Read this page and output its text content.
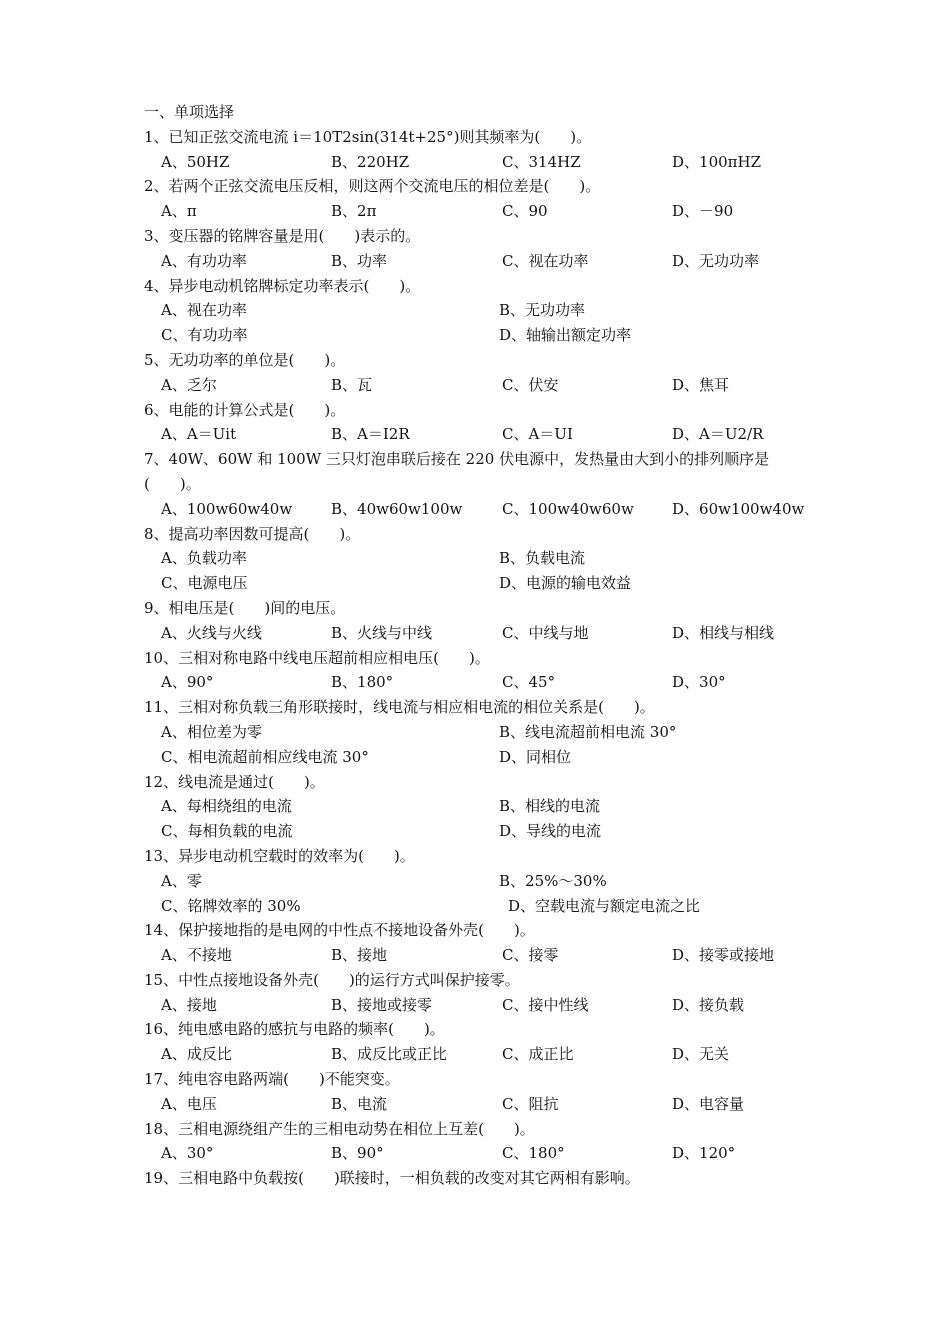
一、单项选择
1、已知正弦交流电流 i＝10T2sin(314t+25°)则其频率为(　　)。
A、50HZ	B、220HZ	C、314HZ	D、100πHZ
2、若两个正弦交流电压反相，则这两个交流电压的相位差是(　　)。
A、π	B、2π	C、90	D、－90
3、变压器的铭牌容量是用(　　)表示的。
A、有功功率	B、功率	C、视在功率	D、无功功率
4、异步电动机铭牌标定功率表示(　　)。
A、视在功率	B、无功功率
C、有功功率	D、轴输出额定功率
5、无功功率的单位是(　　)。
A、乏尔	B、瓦	C、伏安	D、焦耳
6、电能的计算公式是(　　)。
A、A＝Uit	B、A＝I2R	C、A＝UI	D、A＝U2/R
7、40W、60W 和 100W 三只灯泡串联后接在 220 伏电源中，发热量由大到小的排列顺序是
(　　)。
A、100w60w40w	B、40w60w100w	C、100w40w60w	D、60w100w40w
8、提高功率因数可提高(　　)。
A、负载功率	B、负载电流
C、电源电压	D、电源的输电效益
9、相电压是(　　)间的电压。
A、火线与火线	B、火线与中线	C、中线与地	D、相线与相线
10、三相对称电路中线电压超前相应相电压(　　)。
A、90°	B、180°	C、45°	D、30°
11、三相对称负载三角形联接时，线电流与相应相电流的相位关系是(　　)。
A、相位差为零	B、线电流超前相电流 30°
C、相电流超前相应线电流 30°	D、同相位
12、线电流是通过(　　)。
A、每相绕组的电流	B、相线的电流
C、每相负载的电流	D、导线的电流
13、异步电动机空载时的效率为(　　)。
A、零	B、25%～30%
C、铭牌效率的 30%	D、空载电流与额定电流之比
14、保护接地指的是电网的中性点不接地设备外壳(　　)。
A、不接地	B、接地	C、接零	D、接零或接地
15、中性点接地设备外壳(　　)的运行方式叫保护接零。
A、接地	B、接地或接零	C、接中性线	D、接负载
16、纯电感电路的感抗与电路的频率(　　)。
A、成反比	B、成反比或正比	C、成正比	D、无关
17、纯电容电路两端(　　)不能突变。
A、电压	B、电流	C、阻抗	D、电容量
18、三相电源绕组产生的三相电动势在相位上互差(　　)。
A、30°	B、90°	C、180°	D、120°
19、三相电路中负载按(　　)联接时，一相负载的改变对其它两相有影响。
